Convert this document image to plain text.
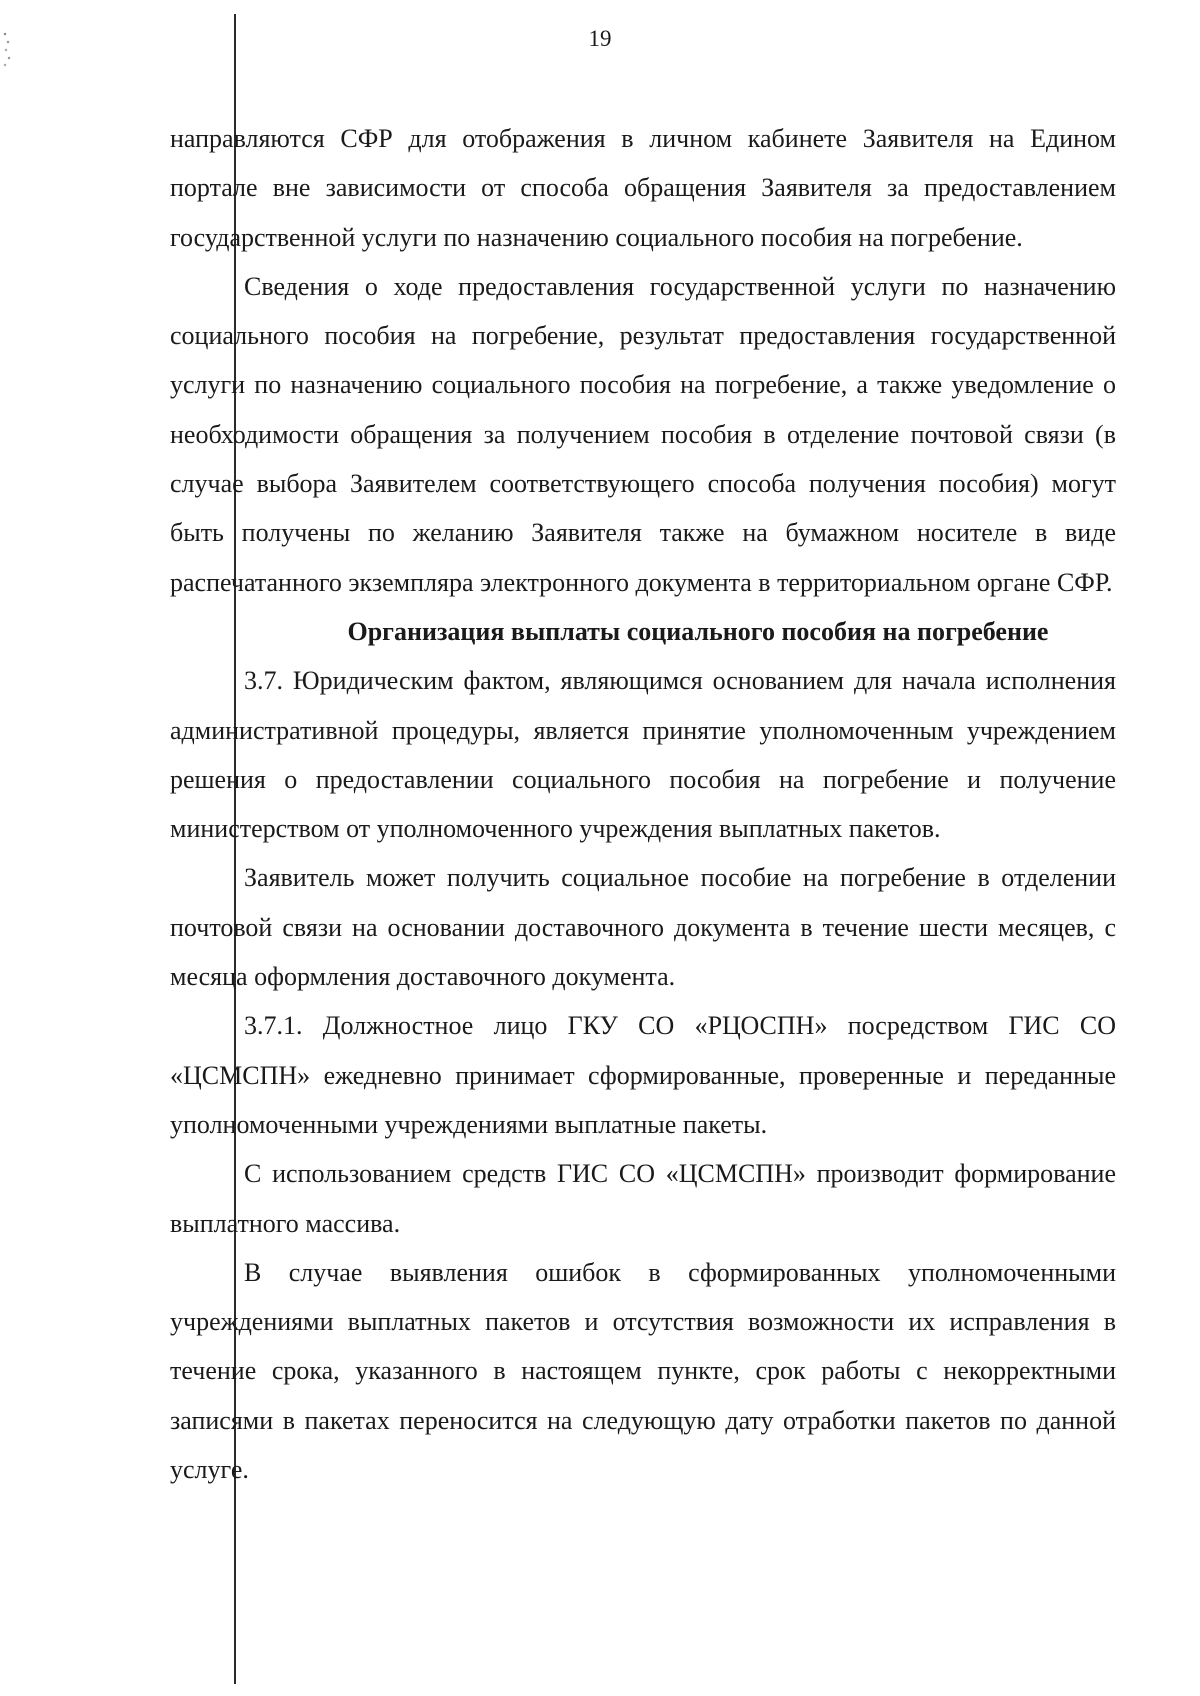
19

направляются СФР для отображения в личном кабинете Заявителя на Едином портале вне зависимости от способа обращения Заявителя за предоставлением государственной услуги по назначению социального пособия на погребение.

Сведения о ходе предоставления государственной услуги по назначению социального пособия на погребение, результат предоставления государственной услуги по назначению социального пособия на погребение, а также уведомление о необходимости обращения за получением пособия в отделение почтовой связи (в случае выбора Заявителем соответствующего способа получения пособия) могут быть получены по желанию Заявителя также на бумажном носителе в виде распечатанного экземпляра электронного документа в территориальном органе СФР.

Организация выплаты социального пособия на погребение

3.7. Юридическим фактом, являющимся основанием для начала исполнения административной процедуры, является принятие уполномоченным учреждением решения о предоставлении социального пособия на погребение и получение министерством от уполномоченного учреждения выплатных пакетов.

Заявитель может получить социальное пособие на погребение в отделении почтовой связи на основании доставочного документа в течение шести месяцев, с месяца оформления доставочного документа.

3.7.1. Должностное лицо ГКУ СО «РЦОСПН» посредством ГИС СО «ЦСМСПН» ежедневно принимает сформированные, проверенные и переданные уполномоченными учреждениями выплатные пакеты.

С использованием средств ГИС СО «ЦСМСПН» производит формирование выплатного массива.

В случае выявления ошибок в сформированных уполномоченными учреждениями выплатных пакетов и отсутствия возможности их исправления в течение срока, указанного в настоящем пункте, срок работы с некорректными записями в пакетах переносится на следующую дату отработки пакетов по данной услуге.
